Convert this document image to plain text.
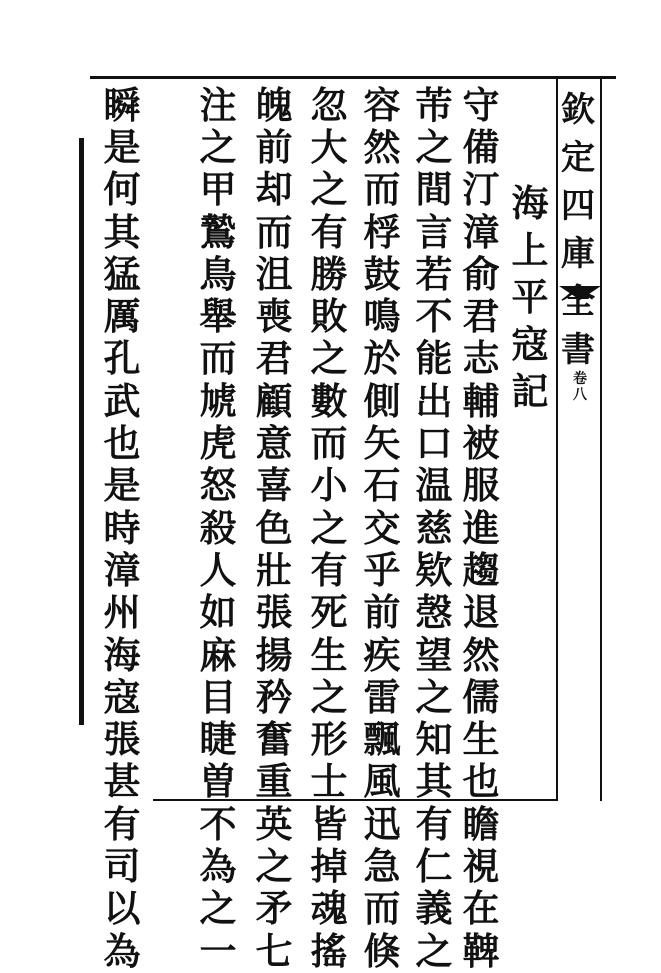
欽
定
四
庫
全
書
卷
八
海
上
平
寇
記
守
備
汀
漳
俞
君
志
輔
被
服
進
趨
退
然
儒
生
也
瞻
視
在
鞞
芾
之
間
言
若
不
能
出
口
温
慈
欵
愨
望
之
知
其
有
仁
義
之
容
然
而
桴
鼓
鳴
於
側
矢
石
交
乎
前
疾
雷
飄
風
迅
急
而
倏
忽
大
之
有
勝
敗
之
數
而
小
之
有
死
生
之
形
士
皆
掉
魂
搖
魄
前
却
而
沮
喪
君
顧
意
喜
色
壯
張
揚
矜
奮
重
英
之
矛
七
注
之
甲
鷙
鳥
舉
而
虓
虎
怒
殺
人
如
麻
目
睫
曽
不
為
之
一
瞬
是
何
其
猛
厲
孔
武
也
是
時
漳
州
海
寇
張
甚
有
司
以
為
